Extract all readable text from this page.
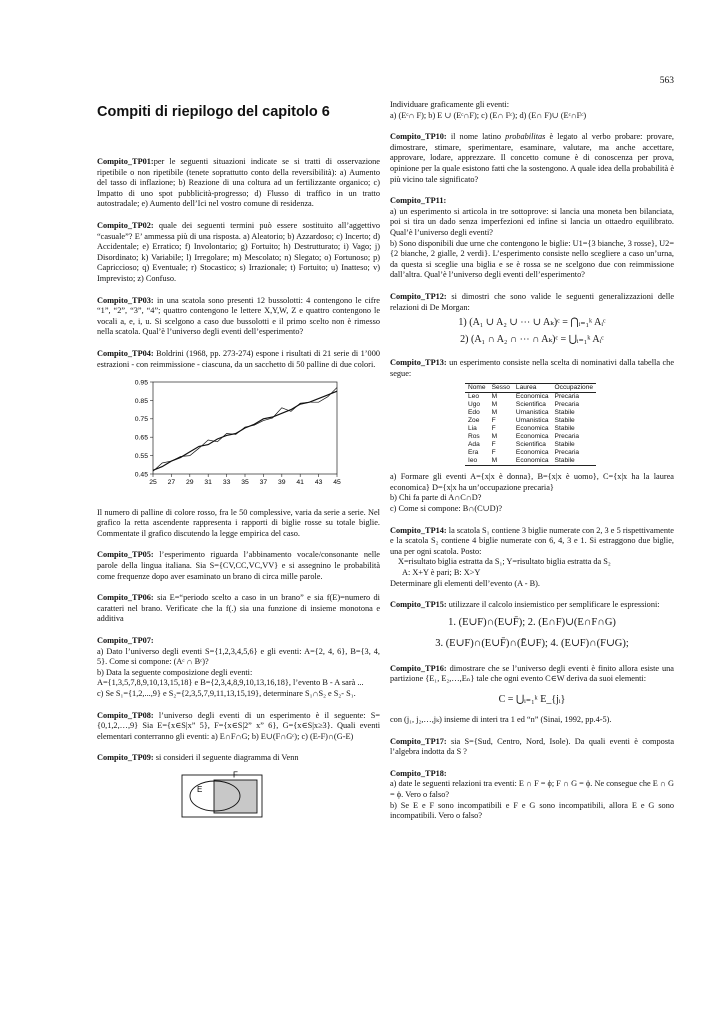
563
Compiti di riepilogo del capitolo 6

Compito_TP01:per le seguenti situazioni indicate se si tratti di osservazione ripetibile o non ripetibile (tenete soprattutto conto della reversibilità): a) Aumento del tasso di inflazione; b) Reazione di una coltura ad un fertilizzante organico; c) Impatto di uno spot pubblicità-progresso; d) Flusso di traffico in un tratto autostradale; e) Aumento dell’Ici nel vostro comune di residenza.

Compito_TP02: quale dei seguenti termini può essere sostituito all’aggettivo “casuale”? E’ ammessa più di una risposta. a) Aleatorio; b) Azzardoso; c) Incerto; d) Accidentale; e) Erratico; f) Involontario; g) Fortuito; h) Destrutturato; i) Vago; j) Disordinato; k) Variabile; l) Irregolare; m) Mescolato; n) Slegato; o) Fortunoso; p) Capriccioso; q) Eventuale; r) Stocastico; s) Irrazionale; t) Fortuito; u) Inatteso; v) Imprevisto; z) Confuso.

Compito_TP03: in una scatola sono presenti 12 bussolotti: 4 contengono le cifre “1”, “2”, “3”, “4”; quattro contengono le lettere X,Y,W, Z e quattro contengono le vocali a, e, i, u. Si scelgono a caso due bussolotti e il primo scelto non è rimesso nella scatola. Qual’è l’universo degli eventi dell’esperimento?

Compito_TP04: Boldrini (1968, pp. 273-274) espone i risultati di 21 serie di 1’000 estrazioni - con reimmissione - ciascuna, da un sacchetto di 50 palline di due colori.

0.95
0.85
0.75
0.65
0.55
0.45
25 27 29 31 33 35 37 39 41 43 45

Il numero di palline di colore rosso, fra le 50 complessive, varia da serie a serie. Nel grafico la retta ascendente rappresenta i rapporti di biglie rosse su totale biglie. Commentate il grafico discutendo la legge empirica del caso.

Compito_TP05: l’esperimento riguarda l’abbinamento vocale/consonante nelle parole della lingua italiana. Sia S={CV,CC,VC,VV} e si assegnino le probabilità come frequenze dopo aver esaminato un brano di circa mille parole.

Compito_TP06: sia E=“periodo scelto a caso in un brano” e sia f(E)=numero di caratteri nel brano. Verificate che la f(.) sia una funzione di insieme monotona e additiva

Compito_TP07:

a) Dato l’universo degli eventi S={1,2,3,4,5,6} e gli eventi: A={2, 4, 6}, B={3, 4, 5}. Come si compone: (Aᶜ ∩ Bᶜ)?

b) Data la seguente composizione degli eventi:

A={1,3,5,7,8,9,10,13,15,18} e B={2,3,4,8,9,10,13,16,18}, l’evento B - A sarà ...

c) Se S₁={1,2,...,9} e S₂={2,3,5,7,9,11,13,15,19}, determinare S₁∩S₂ e S₂- S₁.

Compito_TP08: l’universo degli eventi di un esperimento è il seguente: S={0,1,2,…,9} Sia E={x∈S|x” 5}, F={x∈S|2” x” 6}, G={x∈S|x≥3}. Quali eventi elementari conterranno gli eventi: a) E∩F∩G; b) E∪(F∩Gᶜ); c) (E-F)∩(G-E)

Compito_TP09: si consideri il seguente diagramma di Venn

E
F

Individuare graficamente gli eventi:

a) (Eᶜ∩ F); b) E ∪ (Eᶜ∩F); c) (E∩ Fᶜ); d) (E∩ F)∪ (Eᶜ∩Fᶜ)

Compito_TP10: il nome latino probabilitas è legato al verbo probare: provare, dimostrare, stimare, sperimentare, esaminare, valutare, ma anche accettare, approvare, lodare, apprezzare. Il concetto comune è di conoscenza per prova, opinione per la quale esistono fatti che la sostengono. A quale idea della probabilità è più vicino tale significato?

Compito_TP11:

a) un esperimento si articola in tre sottoprove: si lancia una moneta ben bilanciata, poi si tira un dado senza imperfezioni ed infine si lancia un ottaedro equilibrato. Qual’è l’universo degli eventi?

b) Sono disponibili due urne che contengono le biglie: U1={3 bianche, 3 rosse}, U2={2 bianche, 2 gialle, 2 verdi}. L’esperimento consiste nello scegliere a caso un’urna, da questa si sceglie una biglia e se è rossa se ne scelgono due con reimmissione dall’altra. Qual’è l’universo degli eventi dell’esperimento?

Compito_TP12: si dimostri che sono valide le seguenti generalizzazioni delle relazioni di De Morgan:

1) (A₁ ∪ A₂ ∪ ⋯ ∪ Aₖ)ᶜ = ⋂ᵢ₌₁ᵏ Aᵢᶜ
2) (A₁ ∩ A₂ ∩ ⋯ ∩ Aₖ)ᶜ = ⋃ᵢ₌₁ᵏ Aᵢᶜ

Compito_TP13: un esperimento consiste nella scelta di nominativi dalla tabella che segue:

Nome	Sesso	Laurea	Occupazione
Leo	M	Economica	Precaria
Ugo	M	Scientifica	Precaria
Edo	M	Umanistica	Stabile
Zoe	F	Umanistica	Stabile
Lia	F	Economica	Stabile
Ros	M	Economica	Precaria
Ada	F	Scientifica	Stabile
Era	F	Economica	Precaria
Ieo	M	Economica	Stabile

a) Formare gli eventi A={x|x è donna}, B={x|x è uomo}, C={x|x ha la laurea economica} D={x|x ha un’occupazione precaria}

b) Chi fa parte di A∩C∩D?

c) Come si compone: B∩(C∪D)?

Compito_TP14: la scatola S₁ contiene 3 biglie numerate con 2, 3 e 5 rispettivamente e la scatola S₂ contiene 4 biglie numerate con 6, 4, 3 e 1. Si estraggono due biglie, una per ogni scatola. Posto:

X=risultato biglia estratta da S₁; Y=risultato biglia estratta da S₂

A: X+Y è pari; B: X>Y

Determinare gli elementi dell’evento (A - B).

Compito_TP15: utilizzare il calcolo insiemistico per semplificare le espressioni:

1. (E∪F)∩(E∪F̄); 2. (E∩F)∪(E∩F∩G)
3. (E∪F)∩(E∪F̄)∩(Ē∪F); 4. (E∪F)∩(F∪G);

Compito_TP16: dimostrare che se l’universo degli eventi è finito allora esiste una partizione {E₁, E₂,…,Eₙ} tale che ogni evento C∈W deriva da suoi elementi:

C = ⋃ᵢ₌₁ᵏ E_{jᵢ}

con (j₁, j₂,…,jₖ) insieme di interi tra 1 ed “n” (Sinai, 1992, pp.4-5).

Compito_TP17: sia S={Sud, Centro, Nord, Isole). Da quali eventi è composta l’algebra indotta da S ?

Compito_TP18:

a) date le seguenti relazioni tra eventi: E ∩ F = ϕ; F ∩ G = ϕ. Ne consegue che E ∩ G = ϕ. Vero o falso?

b) Se E e F sono incompatibili e F e G sono incompatibili, allora E e G sono incompatibili. Vero o falso?
